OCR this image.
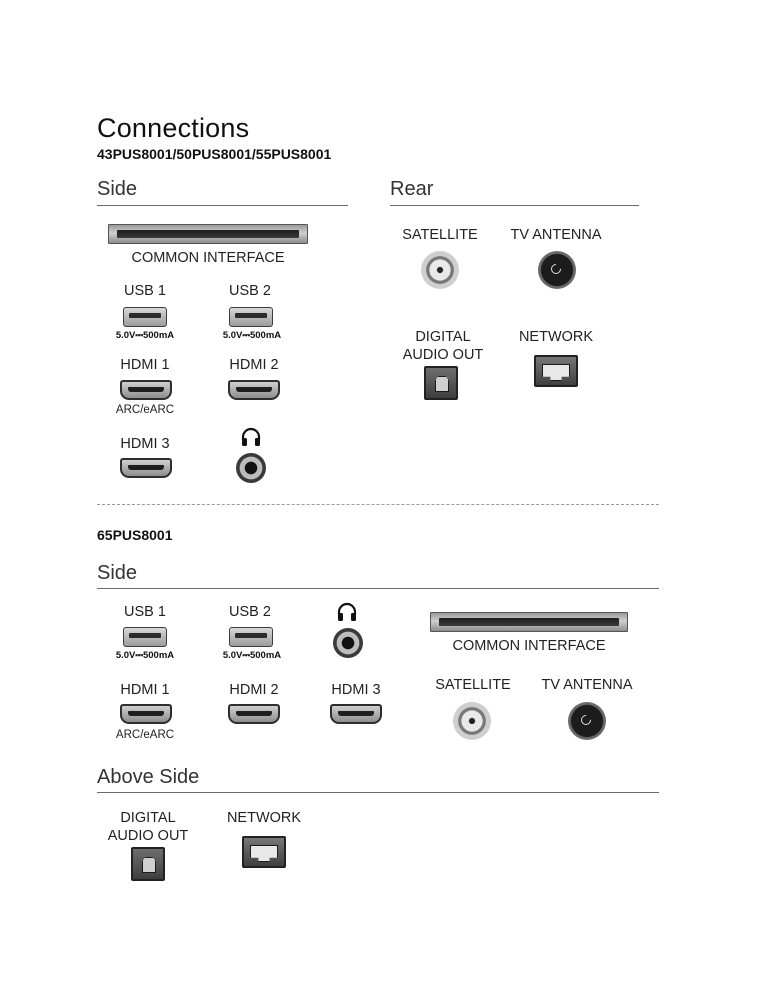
Connections
43PUS8001/50PUS8001/55PUS8001
Side	Rear
COMMON INTERFACE
USB 1
5.0V⎓500mA
USB 2
5.0V⎓500mA
HDMI 1
ARC/eARC
HDMI 2
HDMI 3
SATELLITE	TV ANTENNA
DIGITAL
AUDIO OUT
NETWORK
65PUS8001
Side
USB 1
5.0V⎓500mA
USB 2
5.0V⎓500mA
COMMON INTERFACE
HDMI 1
ARC/eARC
HDMI 2	HDMI 3	SATELLITE	TV ANTENNA
Above Side
DIGITAL
AUDIO OUT
NETWORK
